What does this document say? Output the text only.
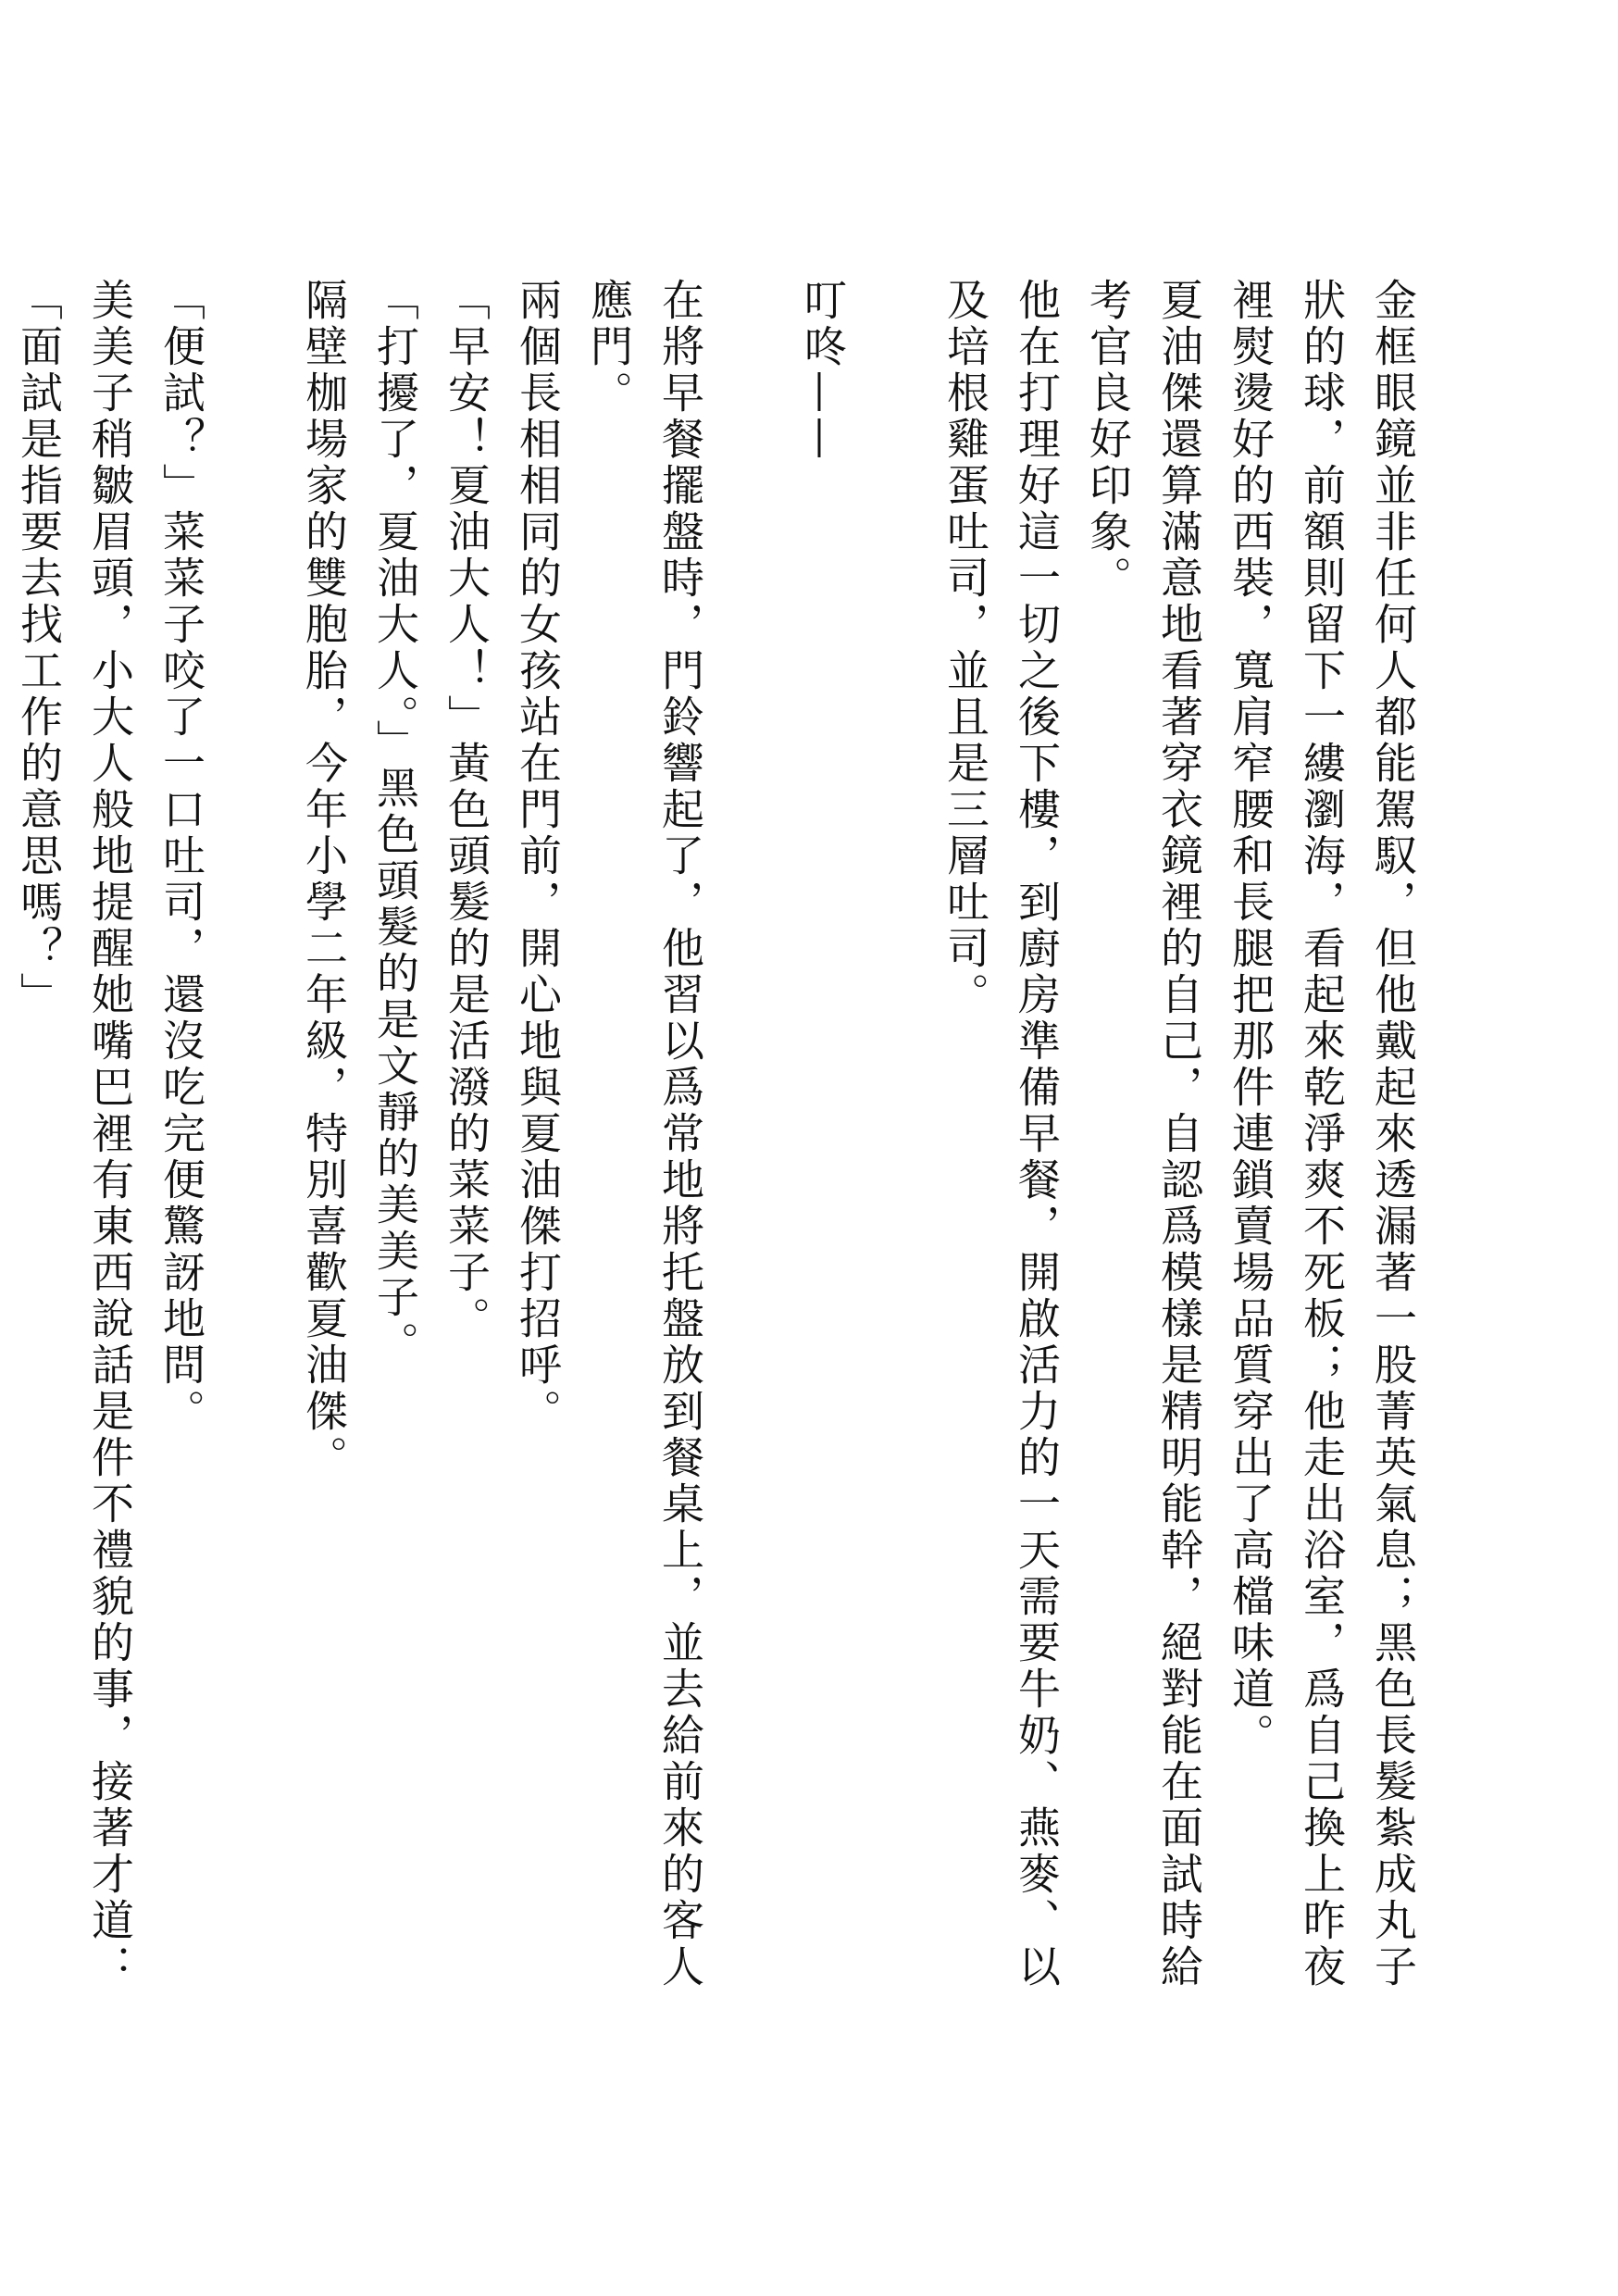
金框眼鏡並非任何人都能駕馭，但他戴起來透漏著一股菁英氣息；黑色長髮紮成丸子狀的球，前額則留下一縷瀏海，看起來乾淨爽不死板；他走出浴室，爲自己換上昨夜裡熨燙好的西裝，寬肩窄腰和長腿把那件連鎖賣場品質穿出了高檔味道。

夏油傑還算滿意地看著穿衣鏡裡的自己，自認爲模樣是精明能幹，絕對能在面試時給考官良好印象。

他在打理好這一切之後下樓，到廚房準備早餐，開啟活力的一天需要牛奶、燕麥、以及培根雞蛋吐司，並且是三層吐司。

叮咚——

在將早餐擺盤時，門鈴響起了，他習以爲常地將托盤放到餐桌上，並去給前來的客人應門。

兩個長相相同的女孩站在門前，開心地與夏油傑打招呼。

「早安！夏油大人！」黃色頭髮的是活潑的菜菜子。

「打擾了，夏油大人。」黑色頭髮的是文靜的美美子。

隔壁枷場家的雙胞胎，今年小學二年級，特別喜歡夏油傑。

「便試？」菜菜子咬了一口吐司，還沒吃完便驚訝地問。

美美子稍皺眉頭，小大人般地提醒她嘴巴裡有東西說話是件不禮貌的事，接著才道：「面試是指要去找工作的意思嗎？」
